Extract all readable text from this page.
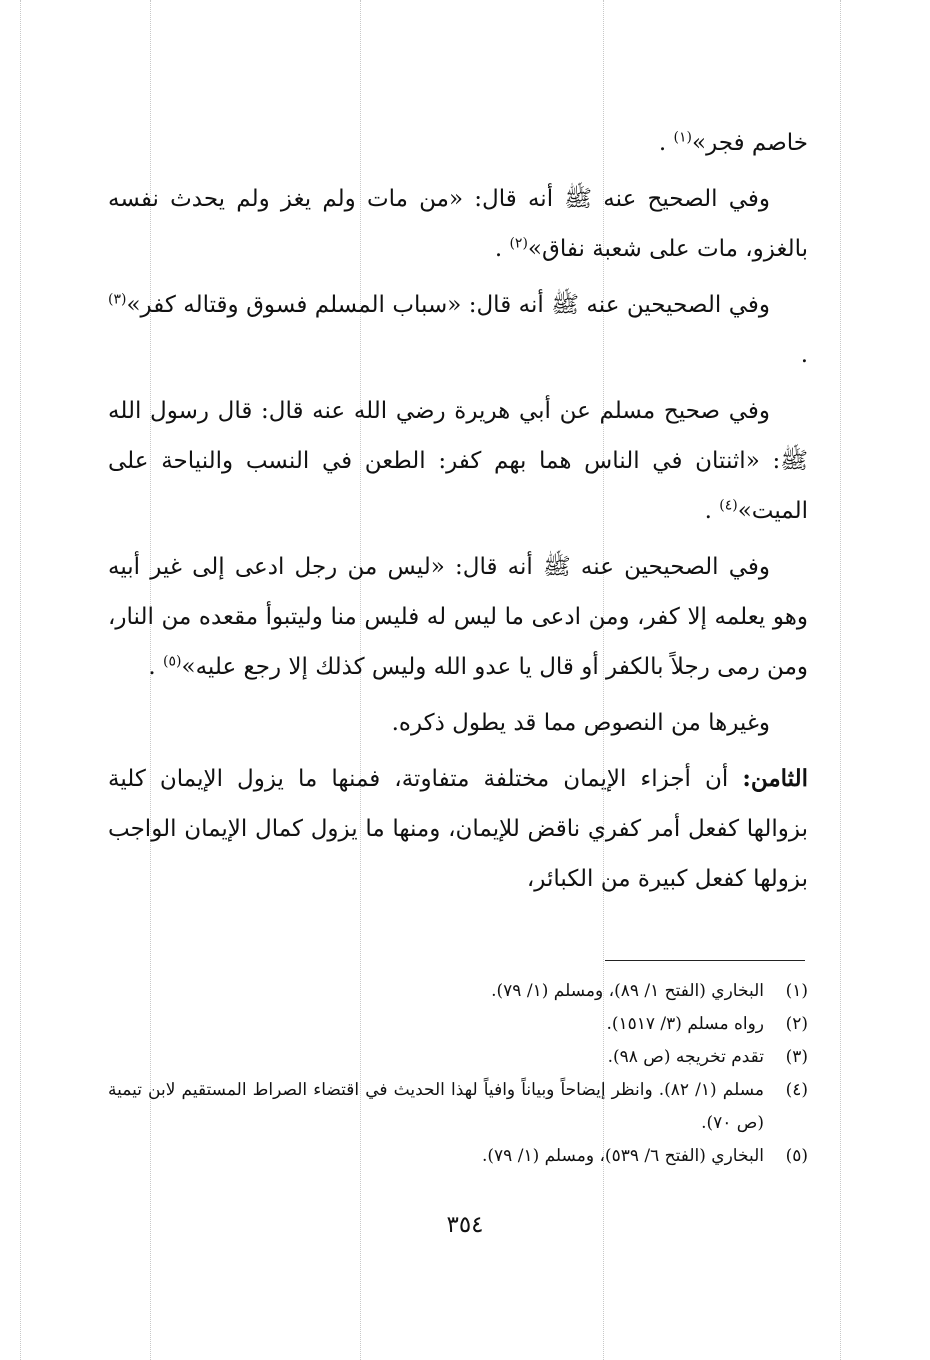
خاصم فجر»$^{(١)}$ .

وفي الصحيح عنه ﷺ أنه قال: «من مات ولم يغز ولم يحدث نفسه بالغزو، مات على شعبة نفاق»$^{(٢)}$ .

وفي الصحيحين عنه ﷺ أنه قال: «سباب المسلم فسوق وقتاله كفر»$^{(٣)}$ .

وفي صحيح مسلم عن أبي هريرة رضي الله عنه قال: قال رسول الله ﷺ: «اثنتان في الناس هما بهم كفر: الطعن في النسب والنياحة على الميت»$^{(٤)}$ .

وفي الصحيحين عنه ﷺ أنه قال: «ليس من رجل ادعى إلى غير أبيه وهو يعلمه إلا كفر، ومن ادعى ما ليس له فليس منا وليتبوأ مقعده من النار، ومن رمى رجلاً بالكفر أو قال يا عدو الله وليس كذلك إلا رجع عليه»$^{(٥)}$ .

وغيرها من النصوص مما قد يطول ذكره.

الثامن: أن أجزاء الإيمان مختلفة متفاوتة، فمنها ما يزول الإيمان كلية بزوالها كفعل أمر كفري ناقض للإيمان، ومنها ما يزول كمال الإيمان الواجب بزولها كفعل كبيرة من الكبائر،

(١)
البخاري (الفتح ١/ ٨٩)، ومسلم (١/ ٧٩).
(٢)
رواه مسلم (٣/ ١٥١٧).
(٣)
تقدم تخريجه (ص ٩٨).
(٤)
مسلم (١/ ٨٢). وانظر إيضاحاً وبياناً وافياً لهذا الحديث في اقتضاء الصراط المستقيم لابن تيمية (ص ٧٠).
(٥)
البخاري (الفتح ٦/ ٥٣٩)، ومسلم (١/ ٧٩).
٣٥٤
